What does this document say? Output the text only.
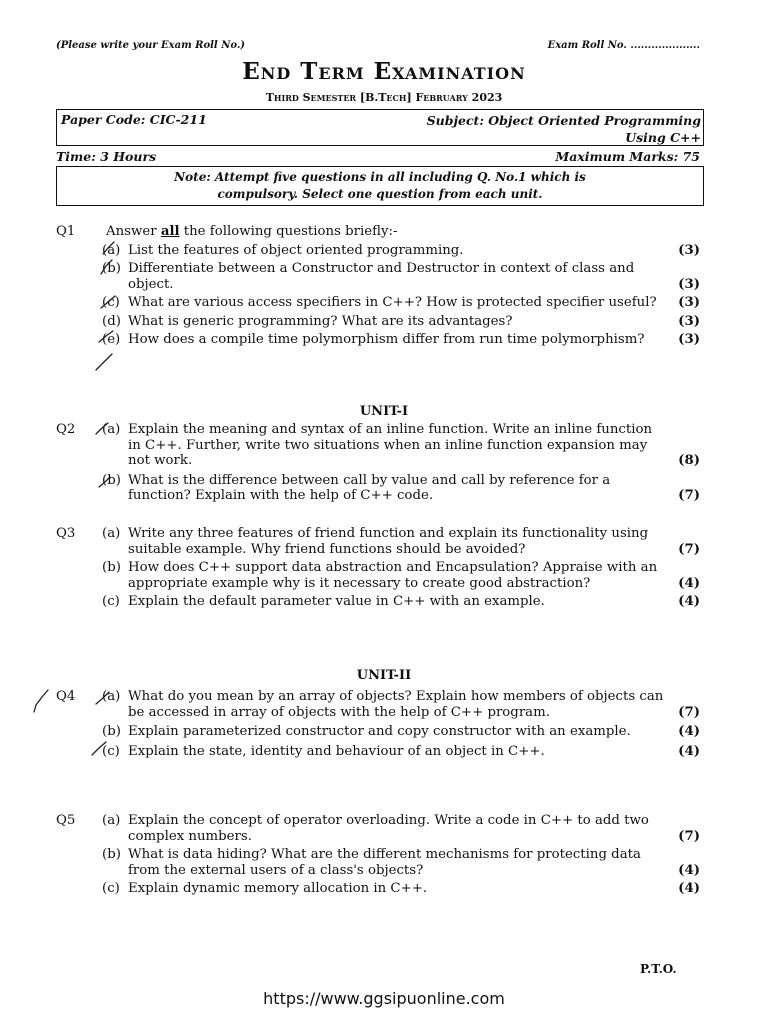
(Please write your Exam Roll No.)	Exam Roll No. ....................
End Term Examination
Third Semester [B.Tech] February 2023
Paper Code: CIC-211	Subject: Object Oriented Programming
Using C++
Time: 3 Hours	Maximum Marks: 75
Note: Attempt five questions in all including Q. No.1 which is
compulsory. Select one question from each unit.
Q1 Answer all the following questions briefly:-
(a) List the features of object oriented programming.	(3)
(b) Differentiate between a Constructor and Destructor in context of class and object.	(3)
(c) What are various access specifiers in C++? How is protected specifier useful? (3)
(d) What is generic programming? What are its advantages?	(3)
(e) How does a compile time polymorphism differ from run time polymorphism?	(3)
UNIT-I
Q2 (a) Explain the meaning and syntax of an inline function. Write an inline function in C++. Further, write two situations when an inline function expansion may not work.	(8)
(b) What is the difference between call by value and call by reference for a function? Explain with the help of C++ code.	(7)
Q3 (a) Write any three features of friend function and explain its functionality using suitable example. Why friend functions should be avoided?	(7)
(b) How does C++ support data abstraction and Encapsulation? Appraise with an appropriate example why is it necessary to create good abstraction?	(4)
(c) Explain the default parameter value in C++ with an example.	(4)
UNIT-II
Q4 (a) What do you mean by an array of objects? Explain how members of objects can be accessed in array of objects with the help of C++ program.	(7)
(b) Explain parameterized constructor and copy constructor with an example.	(4)
(c) Explain the state, identity and behaviour of an object in C++.	(4)
Q5 (a) Explain the concept of operator overloading. Write a code in C++ to add two complex numbers.	(7)
(b) What is data hiding? What are the different mechanisms for protecting data from the external users of a class's objects?	(4)
(c) Explain dynamic memory allocation in C++.	(4)
P.T.O.
https://www.ggsipuonline.com
